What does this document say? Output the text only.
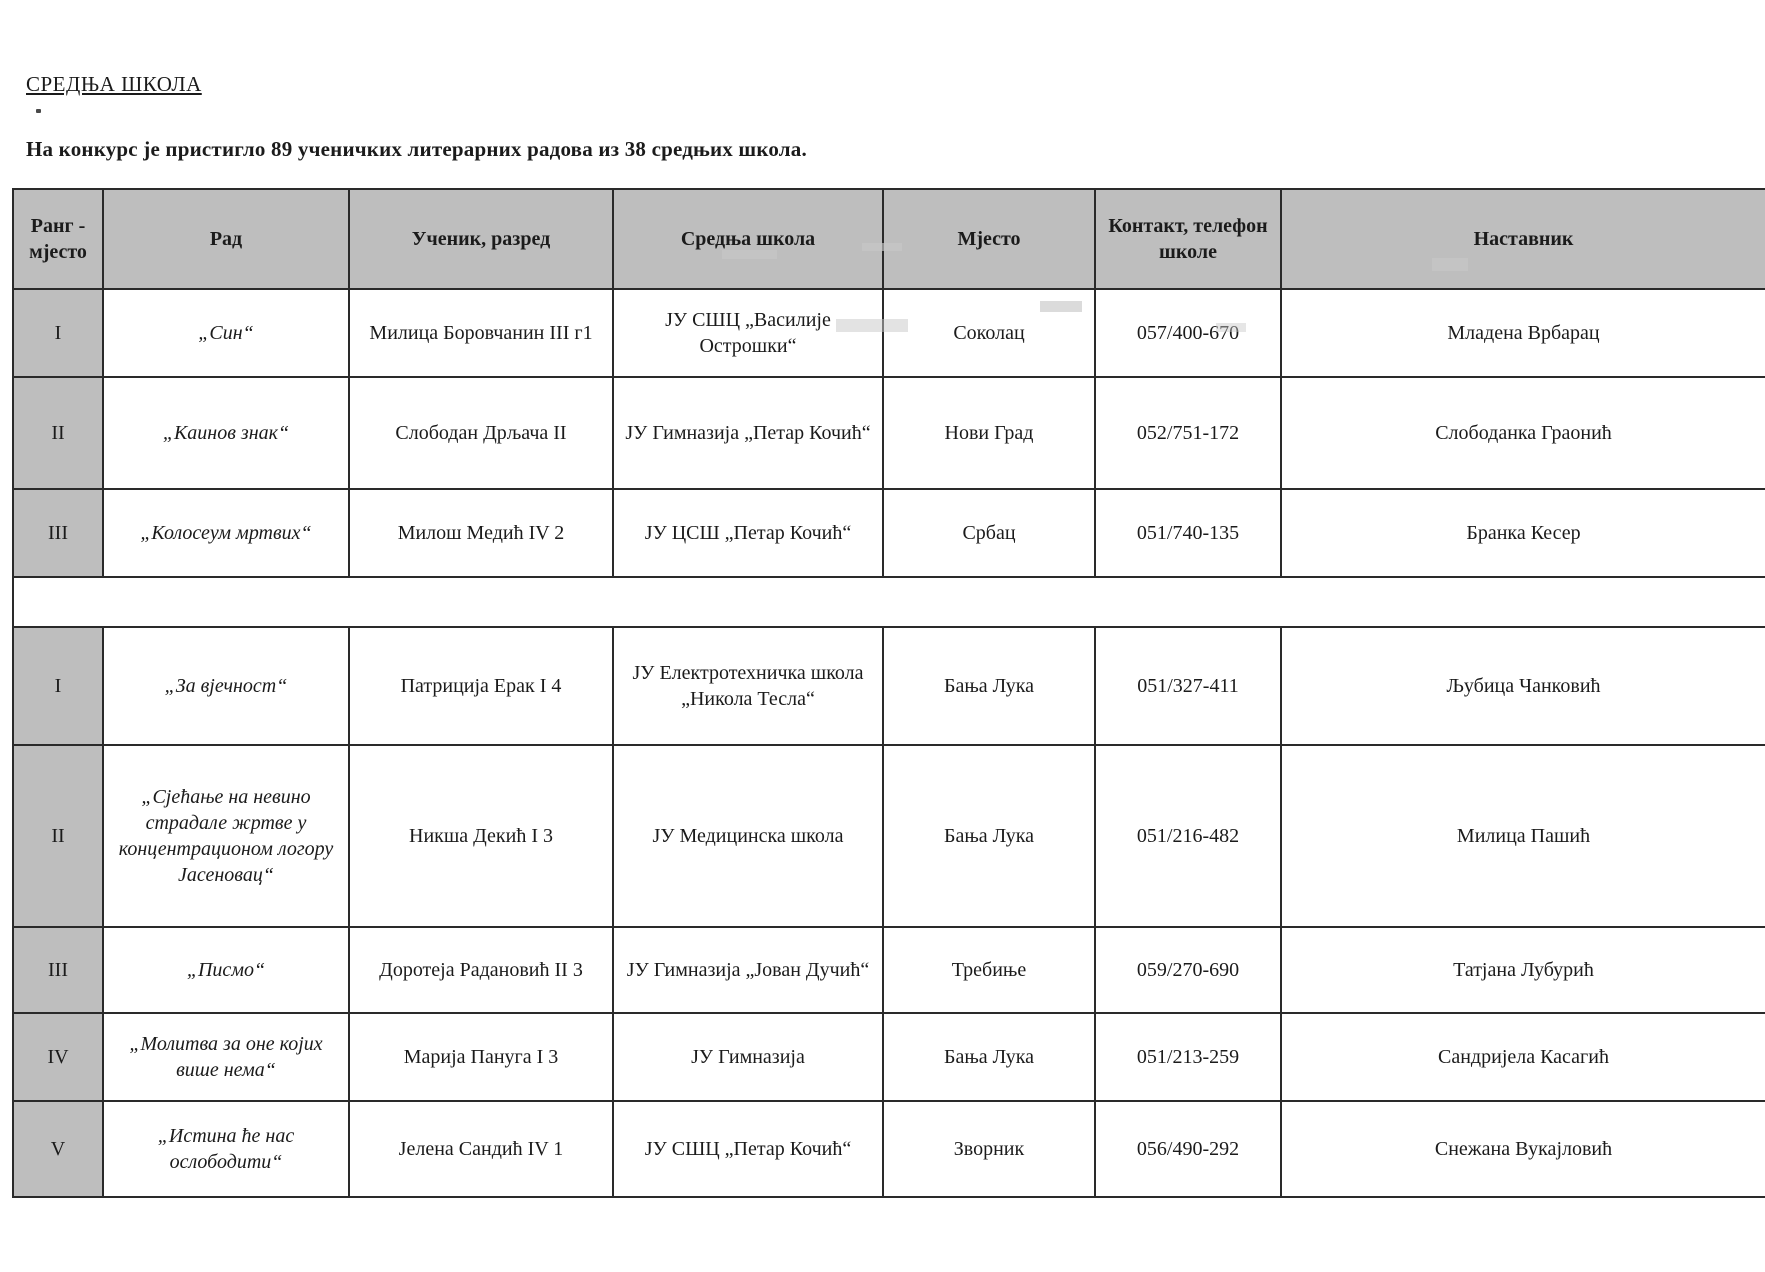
СРЕДЊА ШКОЛА
На конкурс је пристигло 89 ученичких литерарних радова из 38 средњих школа.
Ранг - мјесто	Рад	Ученик, разред	Средња школа	Мјесто	Контакт, телефон школе	Наставник
I	„Син“	Милица Боровчанин III г1	ЈУ СШЦ „Василије Острошки“	Соколац	057/400-670	Младена Врбарац
II	„Каинов знак“	Слободан Дрљача II	ЈУ Гимназија „Петар Кочић“	Нови Град	052/751-172	Слободанка Граонић
III	„Колосеум мртвих“	Милош Медић IV 2	ЈУ ЦСШ „Петар Кочић“	Србац	051/740-135	Бранка Кесер

I	„За вјечност“	Патриција Ерак I 4	ЈУ Електротехничка школа „Никола Тесла“	Бања Лука	051/327-411	Љубица Чанковић
II	„Сјећање на невино страдале жртве у концентрационом логору Јасеновац“	Никша Декић I 3	ЈУ Медицинска школа	Бања Лука	051/216-482	Милица Пашић
III	„Писмо“	Доротеја Радановић II 3	ЈУ Гимназија „Јован Дучић“	Требиње	059/270-690	Татјана Лубурић
IV	„Молитва за оне којих више нема“	Марија Пануга I 3	ЈУ Гимназија	Бања Лука	051/213-259	Сандријела Касагић
V	„Истина ће нас ослободити“	Јелена Сандић IV 1	ЈУ СШЦ „Петар Кочић“	Зворник	056/490-292	Снежана Вукајловић
